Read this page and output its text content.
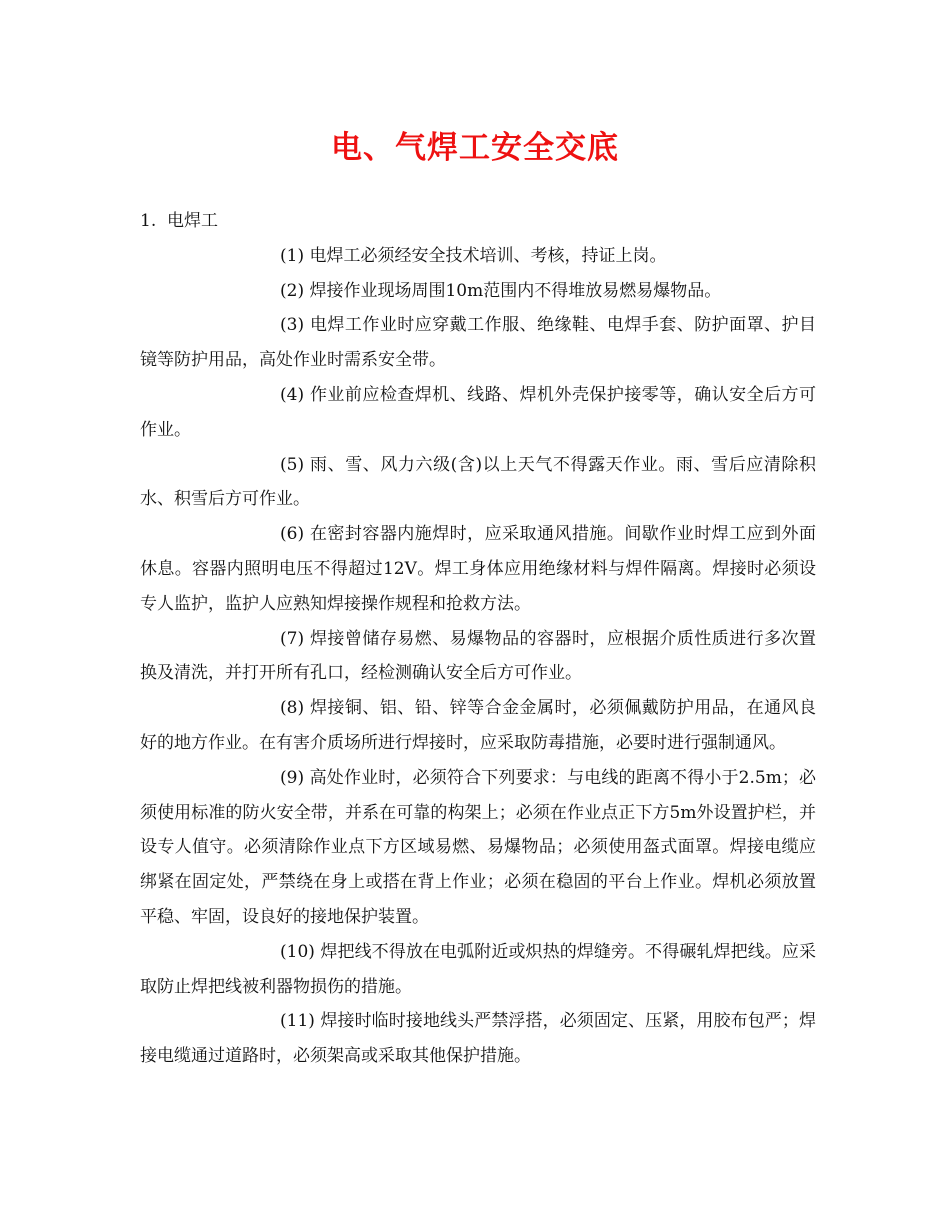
电、气焊工安全交底

1.  电焊工

(1) 电焊工必须经安全技术培训、考核，持证上岗。

(2) 焊接作业现场周围10m范围内不得堆放易燃易爆物品。

(3) 电焊工作业时应穿戴工作服、绝缘鞋、电焊手套、防护面罩、护目镜等防护用品，高处作业时需系安全带。

(4) 作业前应检查焊机、线路、焊机外壳保护接零等，确认安全后方可作业。

(5) 雨、雪、风力六级(含)以上天气不得露天作业。雨、雪后应清除积水、积雪后方可作业。

(6) 在密封容器内施焊时，应采取通风措施。间歇作业时焊工应到外面休息。容器内照明电压不得超过12V。焊工身体应用绝缘材料与焊件隔离。焊接时必须设专人监护，监护人应熟知焊接操作规程和抢救方法。

(7) 焊接曾储存易燃、易爆物品的容器时，应根据介质性质进行多次置换及清洗，并打开所有孔口，经检测确认安全后方可作业。

(8) 焊接铜、铝、铅、锌等合金金属时，必须佩戴防护用品，在通风良好的地方作业。在有害介质场所进行焊接时，应采取防毒措施，必要时进行强制通风。

(9) 高处作业时，必须符合下列要求：与电线的距离不得小于2.5m；必须使用标准的防火安全带，并系在可靠的构架上；必须在作业点正下方5m外设置护栏，并设专人值守。必须清除作业点下方区域易燃、易爆物品；必须使用盔式面罩。焊接电缆应绑紧在固定处，严禁绕在身上或搭在背上作业；必须在稳固的平台上作业。焊机必须放置平稳、牢固，设良好的接地保护装置。

(10) 焊把线不得放在电弧附近或炽热的焊缝旁。不得碾轧焊把线。应采取防止焊把线被利器物损伤的措施。

(11) 焊接时临时接地线头严禁浮搭，必须固定、压紧，用胶布包严；焊接电缆通过道路时，必须架高或采取其他保护措施。
